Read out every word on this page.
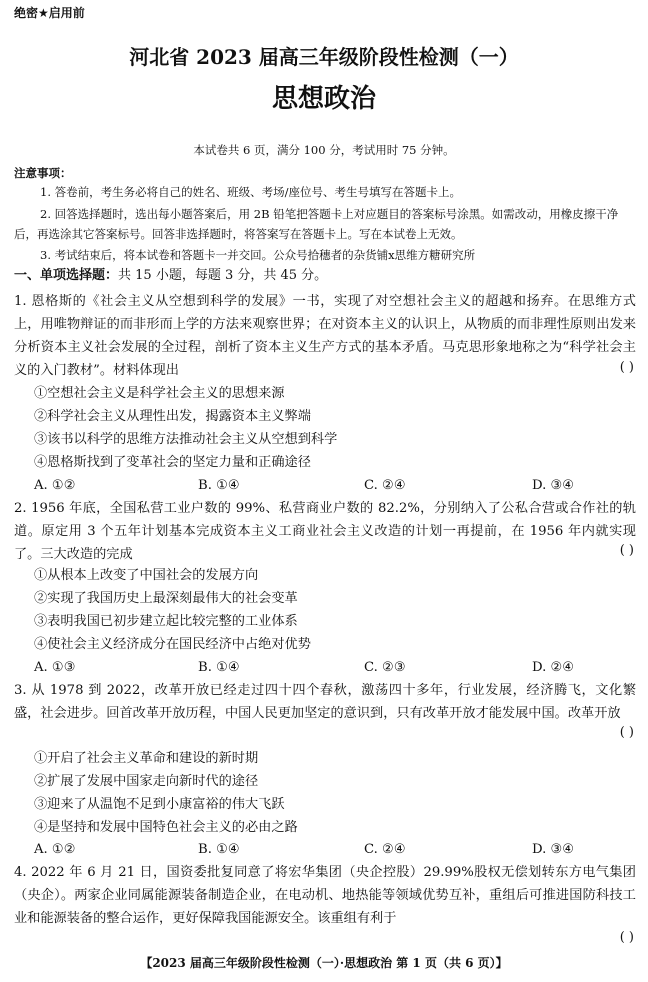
绝密★启用前
河北省 2023 届高三年级阶段性检测（一）
思想政治
本试卷共 6 页，满分 100 分，考试用时 75 分钟。
注意事项：
1. 答卷前，考生务必将自己的姓名、班级、考场/座位号、考生号填写在答题卡上。
2. 回答选择题时，选出每小题答案后，用 2B 铅笔把答题卡上对应题目的答案标号涂黑。如需改动，用橡皮擦干净后，再选涂其它答案标号。回答非选择题时，将答案写在答题卡上。写在本试卷上无效。
3. 考试结束后，将本试卷和答题卡一并交回。公众号拾穗者的杂货铺x思维方糖研究所
一、单项选择题：共 15 小题，每题 3 分，共 45 分。
1. 恩格斯的《社会主义从空想到科学的发展》一书，实现了对空想社会主义的超越和扬弃。在思维方式上，用唯物辩证的而非形而上学的方法来观察世界；在对资本主义的认识上，从物质的而非理性原则出发来分析资本主义社会发展的全过程，剖析了资本主义生产方式的基本矛盾。马克思形象地称之为“科学社会主义的入门教材”。材料体现出	( )
①空想社会主义是科学社会主义的思想来源
②科学社会主义从理性出发，揭露资本主义弊端
③该书以科学的思维方法推动社会主义从空想到科学
④恩格斯找到了变革社会的坚定力量和正确途径
A. ①②	B. ①④	C. ②④	D. ③④
2. 1956 年底，全国私营工业户数的 99%、私营商业户数的 82.2%，分别纳入了公私合营或合作社的轨道。原定用 3 个五年计划基本完成资本主义工商业社会主义改造的计划一再提前，在 1956 年内就实现了。三大改造的完成	( )
①从根本上改变了中国社会的发展方向
②实现了我国历史上最深刻最伟大的社会变革
③表明我国已初步建立起比较完整的工业体系
④使社会主义经济成分在国民经济中占绝对优势
A. ①③	B. ①④	C. ②③	D. ②④
3. 从 1978 到 2022，改革开放已经走过四十四个春秋，激荡四十多年，行业发展，经济腾飞，文化繁盛，社会进步。回首改革开放历程，中国人民更加坚定的意识到，只有改革开放才能发展中国。改革开放
( )
①开启了社会主义革命和建设的新时期
②扩展了发展中国家走向新时代的途径
③迎来了从温饱不足到小康富裕的伟大飞跃
④是坚持和发展中国特色社会主义的必由之路
A. ①②	B. ①④	C. ②④	D. ③④
4. 2022 年 6 月 21 日，国资委批复同意了将宏华集团（央企控股）29.99%股权无偿划转东方电气集团（央企）。两家企业同属能源装备制造企业，在电动机、地热能等领域优势互补，重组后可推进国防科技工业和能源装备的整合运作，更好保障我国能源安全。该重组有利于
( )
【2023 届高三年级阶段性检测（一）·思想政治 第 1 页（共 6 页）】
